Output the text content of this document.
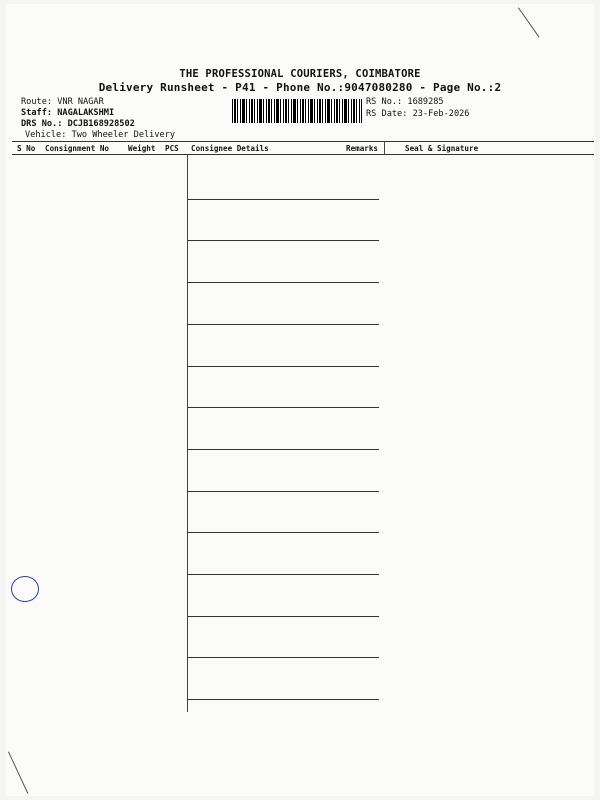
THE PROFESSIONAL COURIERS, COIMBATORE
Delivery Runsheet - P41 - Phone No.:9047080280 - Page No.:2
Route: VNR NAGAR
Staff: NAGALAKSHMI
DRS No.: DCJB168928502
Vehicle: Two Wheeler Delivery
RS No.: 1689285
RS Date: 23-Feb-2026
S No Consignment No Weight PCS Consignee Details	Remarks	Seal & Signature
